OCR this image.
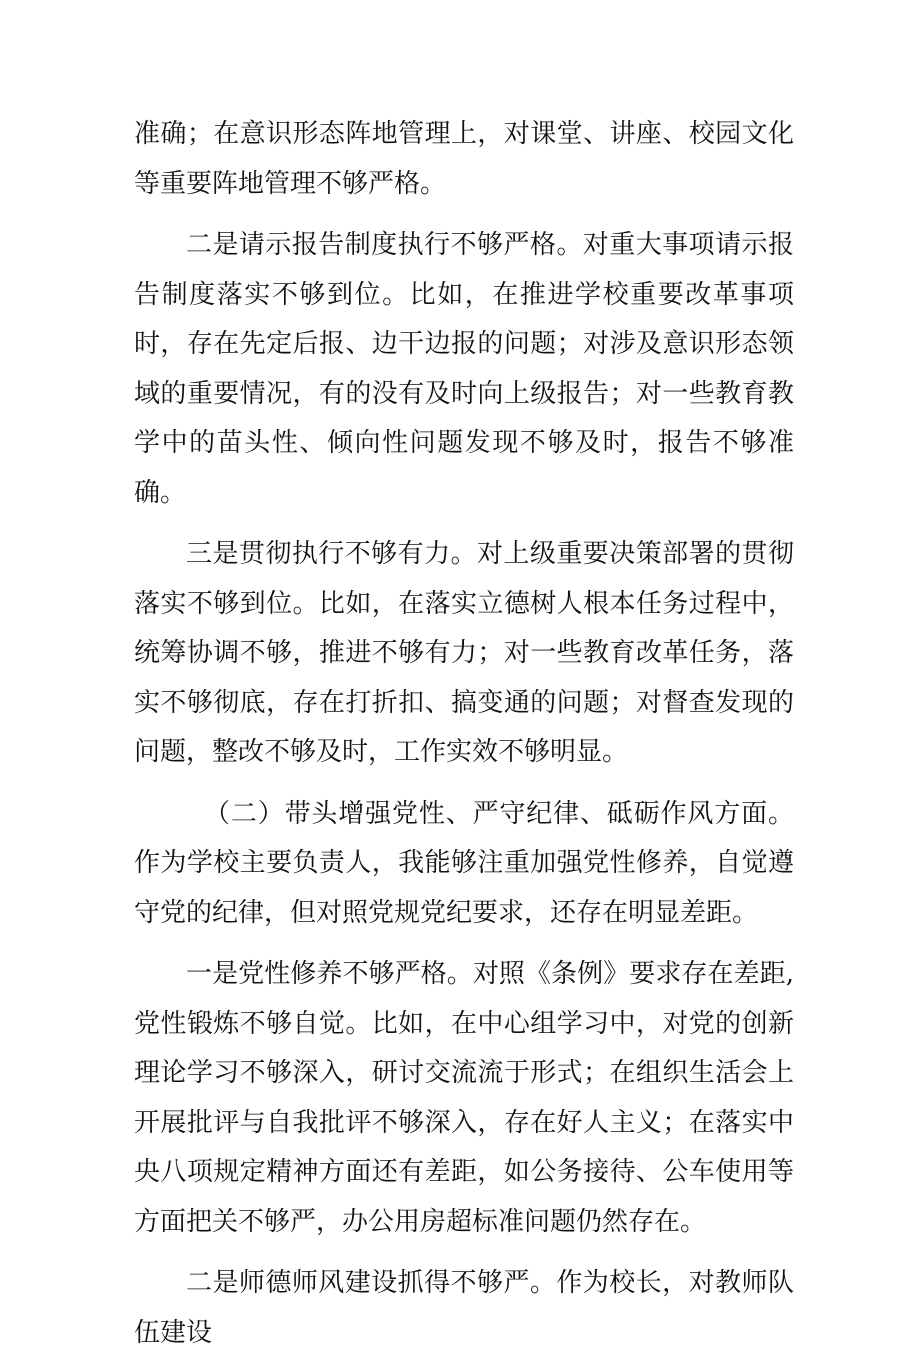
准确；在意识形态阵地管理上，对课堂、讲座、校园文化等重要阵地管理不够严格。

二是请示报告制度执行不够严格。对重大事项请示报告制度落实不够到位。比如，在推进学校重要改革事项时，存在先定后报、边干边报的问题；对涉及意识形态领域的重要情况，有的没有及时向上级报告；对一些教育教学中的苗头性、倾向性问题发现不够及时，报告不够准确。

三是贯彻执行不够有力。对上级重要决策部署的贯彻落实不够到位。比如，在落实立德树人根本任务过程中，统筹协调不够，推进不够有力；对一些教育改革任务，落实不够彻底，存在打折扣、搞变通的问题；对督查发现的问题，整改不够及时，工作实效不够明显。

（二）带头增强党性、严守纪律、砥砺作风方面。作为学校主要负责人，我能够注重加强党性修养，自觉遵守党的纪律，但对照党规党纪要求，还存在明显差距。

一是党性修养不够严格。对照《条例》要求存在差距,党性锻炼不够自觉。比如，在中心组学习中，对党的创新理论学习不够深入，研讨交流流于形式；在组织生活会上开展批评与自我批评不够深入，存在好人主义；在落实中央八项规定精神方面还有差距，如公务接待、公车使用等方面把关不够严，办公用房超标准问题仍然存在。

二是师德师风建设抓得不够严。作为校长，对教师队伍建设
